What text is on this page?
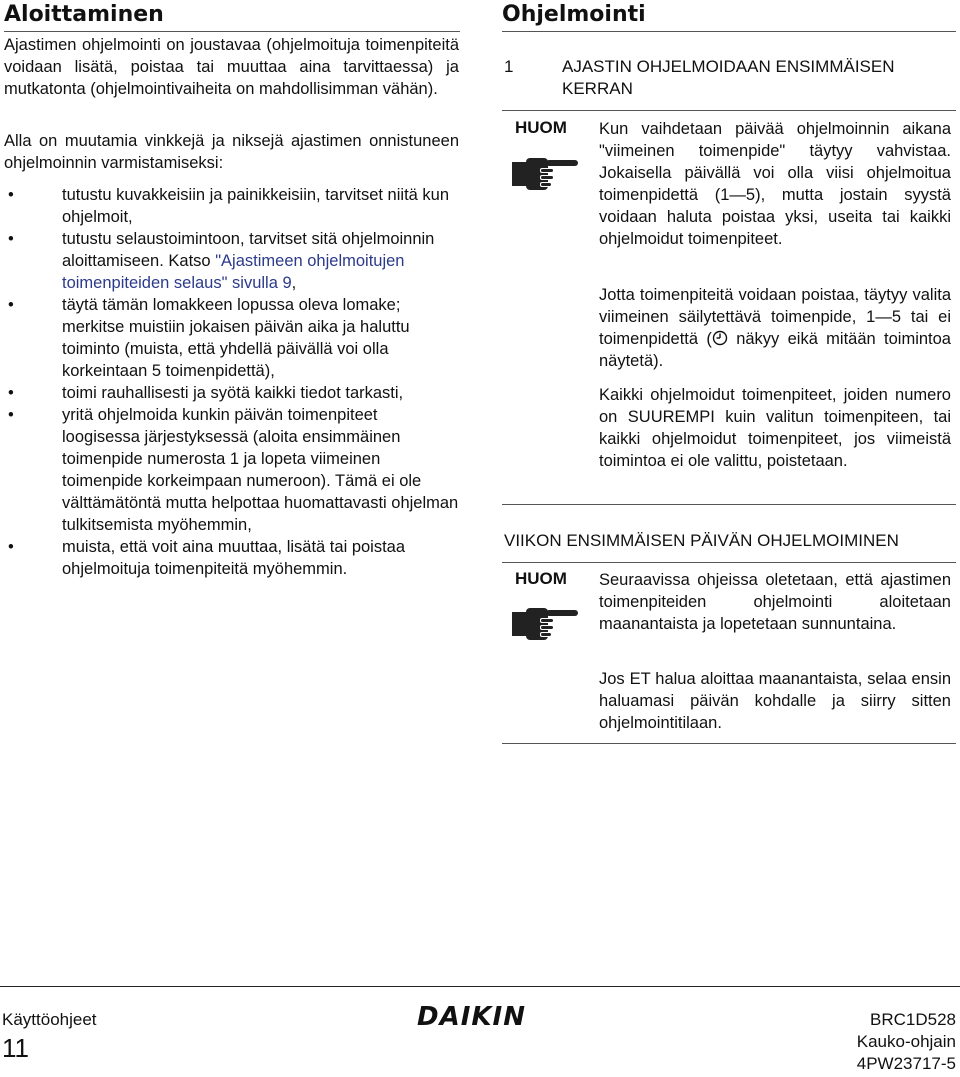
Aloittaminen
Ajastimen ohjelmointi on joustavaa (ohjelmoituja toimenpiteitä voidaan lisätä, poistaa tai muuttaa aina tarvittaessa) ja mutkatonta (ohjelmointivaiheita on mahdollisimman vähän).
Alla on muutamia vinkkejä ja niksejä ajastimen onnistuneen ohjelmoinnin varmistamiseksi:
•	tutustu kuvakkeisiin ja painikkeisiin, tarvitset niitä kun ohjelmoit,
•	tutustu selaustoimintoon, tarvitset sitä ohjelmoinnin aloittamiseen. Katso "Ajastimeen ohjelmoitujen toimenpiteiden selaus" sivulla 9,
•	täytä tämän lomakkeen lopussa oleva lomake; merkitse muistiin jokaisen päivän aika ja haluttu toiminto (muista, että yhdellä päivällä voi olla korkeintaan 5 toimenpidettä),
•	toimi rauhallisesti ja syötä kaikki tiedot tarkasti,
•	yritä ohjelmoida kunkin päivän toimenpiteet loogisessa järjestyksessä (aloita ensimmäinen toimenpide numerosta 1 ja lopeta viimeinen toimenpide korkeimpaan numeroon). Tämä ei ole välttämätöntä mutta helpottaa huomattavasti ohjelman tulkitsemista myöhemmin,
•	muista, että voit aina muuttaa, lisätä tai poistaa ohjelmoituja toimenpiteitä myöhemmin.
Ohjelmointi
1	AJASTIN OHJELMOIDAAN ENSIMMÄISEN KERRAN
HUOM Kun vaihdetaan päivää ohjelmoinnin aikana "viimeinen toimenpide" täytyy vahvistaa. Jokaisella päivällä voi olla viisi ohjelmoitua toimenpidettä (1—5), mutta jostain syystä voidaan haluta poistaa yksi, useita tai kaikki ohjelmoidut toimenpiteet.
Jotta toimenpiteitä voidaan poistaa, täytyy valita viimeinen säilytettävä toimenpide, 1—5 tai ei toimenpidettä ( näkyy eikä mitään toimintoa näytetä).
Kaikki ohjelmoidut toimenpiteet, joiden numero on SUUREMPI kuin valitun toimenpiteen, tai kaikki ohjelmoidut toimenpiteet, jos viimeistä toimintoa ei ole valittu, poistetaan.
VIIKON ENSIMMÄISEN PÄIVÄN OHJELMOIMINEN
HUOM Seuraavissa ohjeissa oletetaan, että ajastimen toimenpiteiden ohjelmointi aloitetaan maanantaista ja lopetetaan sunnuntaina.
Jos ET halua aloittaa maanantaista, selaa ensin haluamasi päivän kohdalle ja siirry sitten ohjelmointitilaan.
Käyttöohjeet
11
DAIKIN	BRC1D528
Kauko-ohjain
4PW23717-5
